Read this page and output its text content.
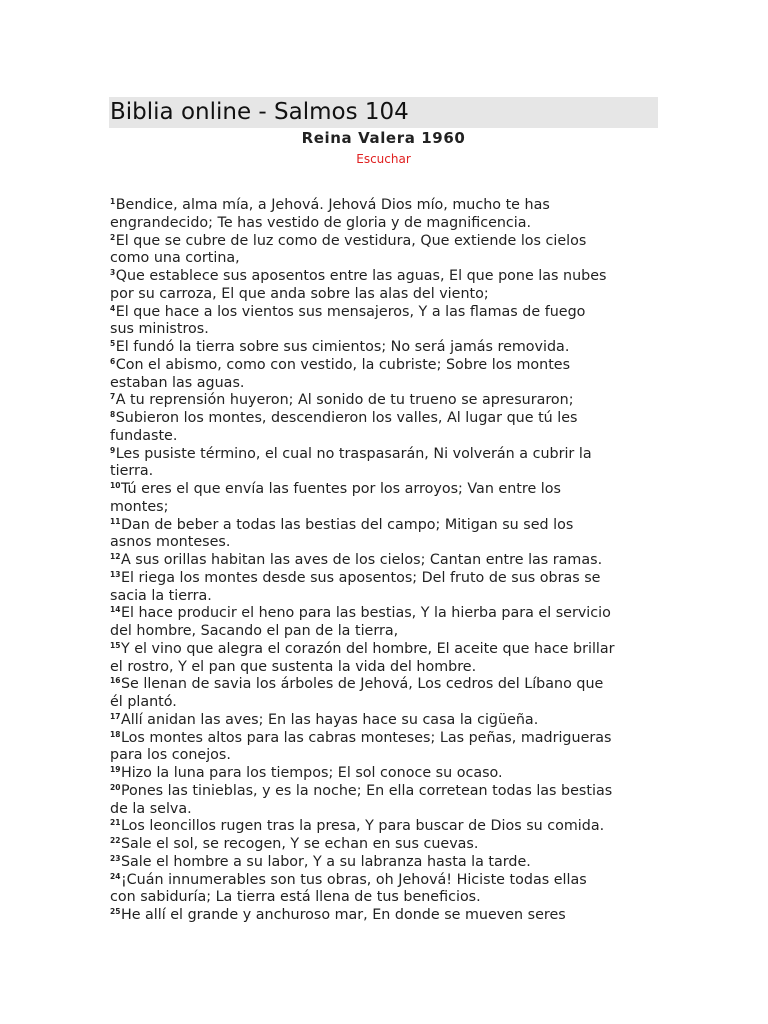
Biblia online - Salmos 104
Reina Valera 1960
Escuchar
$^1$Bendice, alma mía, a Jehová. Jehová Dios mío, mucho te has
engrandecido; Te has vestido de gloria y de magnificencia.
$^2$El que se cubre de luz como de vestidura, Que extiende los cielos
como una cortina,
$^3$Que establece sus aposentos entre las aguas, El que pone las nubes
por su carroza, El que anda sobre las alas del viento;
$^4$El que hace a los vientos sus mensajeros, Y a las flamas de fuego
sus ministros.
$^5$El fundó la tierra sobre sus cimientos; No será jamás removida.
$^6$Con el abismo, como con vestido, la cubriste; Sobre los montes
estaban las aguas.
$^7$A tu reprensión huyeron; Al sonido de tu trueno se apresuraron;
$^8$Subieron los montes, descendieron los valles, Al lugar que tú les
fundaste.
$^9$Les pusiste término, el cual no traspasarán, Ni volverán a cubrir la
tierra.
$^{10}$Tú eres el que envía las fuentes por los arroyos; Van entre los
montes;
$^{11}$Dan de beber a todas las bestias del campo; Mitigan su sed los
asnos monteses.
$^{12}$A sus orillas habitan las aves de los cielos; Cantan entre las ramas.
$^{13}$El riega los montes desde sus aposentos; Del fruto de sus obras se
sacia la tierra.
$^{14}$El hace producir el heno para las bestias, Y la hierba para el servicio
del hombre, Sacando el pan de la tierra,
$^{15}$Y el vino que alegra el corazón del hombre, El aceite que hace brillar
el rostro, Y el pan que sustenta la vida del hombre.
$^{16}$Se llenan de savia los árboles de Jehová, Los cedros del Líbano que
él plantó.
$^{17}$Allí anidan las aves; En las hayas hace su casa la cigüeña.
$^{18}$Los montes altos para las cabras monteses; Las peñas, madrigueras
para los conejos.
$^{19}$Hizo la luna para los tiempos; El sol conoce su ocaso.
$^{20}$Pones las tinieblas, y es la noche; En ella corretean todas las bestias
de la selva.
$^{21}$Los leoncillos rugen tras la presa, Y para buscar de Dios su comida.
$^{22}$Sale el sol, se recogen, Y se echan en sus cuevas.
$^{23}$Sale el hombre a su labor, Y a su labranza hasta la tarde.
$^{24}$¡Cuán innumerables son tus obras, oh Jehová! Hiciste todas ellas
con sabiduría; La tierra está llena de tus beneficios.
$^{25}$He allí el grande y anchuroso mar, En donde se mueven seres
